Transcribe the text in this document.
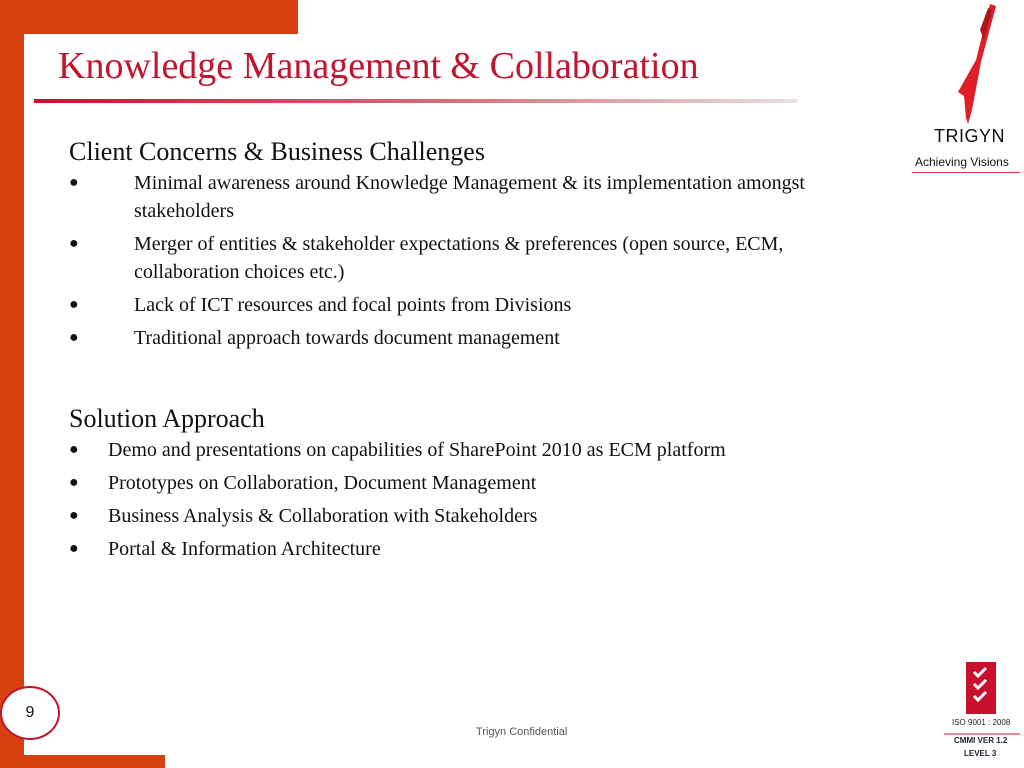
Knowledge Management & Collaboration
TRIGYN
Achieving Visions
Client Concerns & Business Challenges
●	Minimal awareness around Knowledge Management & its implementation amongst stakeholders
●	Merger of entities & stakeholder expectations & preferences (open source, ECM, collaboration choices etc.)
●	Lack of ICT resources and focal points from Divisions
●	Traditional approach towards document management
Solution Approach
● Demo and presentations on capabilities of SharePoint 2010 as ECM platform
● Prototypes on Collaboration, Document Management
● Business Analysis & Collaboration with Stakeholders
● Portal & Information Architecture
9
Trigyn Confidential
ISO 9001 : 2008
CMMI VER 1.2
LEVEL 3
